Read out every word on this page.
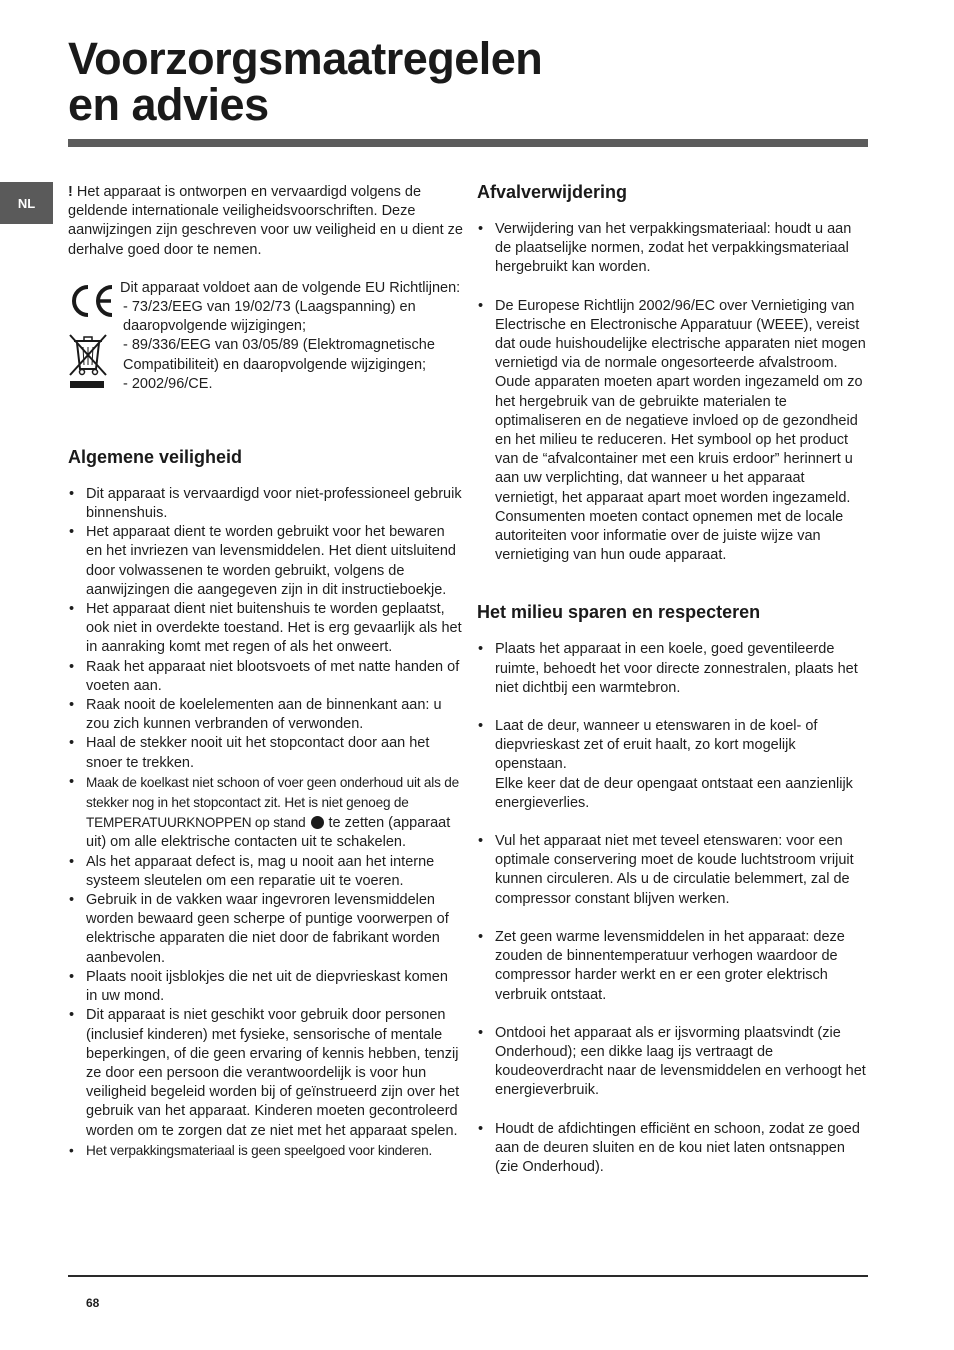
Voorzorgsmaatregelen
en advies
NL

! Het apparaat is ontworpen en vervaardigd volgens de geldende internationale veiligheidsvoorschriften. Deze aanwijzingen zijn geschreven voor uw veiligheid en u dient ze derhalve goed door te nemen.

Dit apparaat voldoet aan de volgende EU Richtlijnen:

- 73/23/EEG van 19/02/73 (Laagspanning) en daaropvolgende wijzigingen;

- 89/336/EEG van 03/05/89 (Elektromagnetische Compatibiliteit) en daaropvolgende wijzigingen;

- 2002/96/CE.

Algemene veiligheid
• Dit apparaat is vervaardigd voor niet-professioneel gebruik binnenshuis.
• Het apparaat dient te worden gebruikt voor het bewaren en het invriezen van levensmiddelen. Het dient uitsluitend door volwassenen te worden gebruikt, volgens de aanwijzingen die aangegeven zijn in dit instructieboekje.
• Het apparaat dient niet buitenshuis te worden geplaatst, ook niet in overdekte toestand. Het is erg gevaarlijk als het in aanraking komt met regen of als het onweert.
• Raak het apparaat niet blootsvoets of met natte handen of voeten aan.
• Raak nooit de koelelementen aan de binnenkant aan: u zou zich kunnen verbranden of verwonden.
• Haal de stekker nooit uit het stopcontact door aan het snoer te trekken.
• Maak de koelkast niet schoon of voer geen onderhoud uit als de stekker nog in het stopcontact zit. Het is niet genoeg de TEMPERATUURKNOPPEN op stand  te zetten (apparaat uit) om alle elektrische contacten uit te schakelen.
• Als het apparaat defect is, mag u nooit aan het interne systeem sleutelen om een reparatie uit te voeren.
• Gebruik in de vakken waar ingevroren levensmiddelen worden bewaard geen scherpe of puntige voorwerpen of elektrische apparaten die niet door de fabrikant worden aanbevolen.
• Plaats nooit ijsblokjes die net uit de diepvrieskast komen in uw mond.
• Dit apparaat is niet geschikt voor gebruik door personen (inclusief kinderen) met fysieke, sensorische of mentale beperkingen, of die geen ervaring of kennis hebben, tenzij ze door een persoon die verantwoordelijk is voor hun veiligheid begeleid worden bij of geïnstrueerd zijn over het gebruik van het apparaat. Kinderen moeten gecontroleerd worden om te zorgen dat ze niet met het apparaat spelen.
• Het verpakkingsmateriaal is geen speelgoed voor kinderen.
Afvalverwijdering
• Verwijdering van het verpakkingsmateriaal: houdt u aan de plaatselijke normen, zodat het verpakkingsmateriaal hergebruikt kan worden.

• De Europese Richtlijn 2002/96/EC over Vernietiging van Electrische en Electronische Apparatuur (WEEE), vereist dat oude huishoudelijke electrische apparaten niet mogen vernietigd via de normale ongesorteerde afvalstroom. Oude apparaten moeten apart worden ingezameld om zo het hergebruik van de gebruikte materialen te optimaliseren en de negatieve invloed op de gezondheid en het milieu te reduceren. Het symbool op het product van de “afvalcontainer met een kruis erdoor” herinnert u aan uw verplichting, dat wanneer u het apparaat vernietigt, het apparaat apart moet worden ingezameld.

Consumenten moeten contact opnemen met de locale autoriteiten voor informatie over de juiste wijze van vernietiging van hun oude apparaat.

Het milieu sparen en respecteren
• Plaats het apparaat in een koele, goed geventileerde ruimte, behoedt het voor directe zonnestralen, plaats het niet dichtbij een warmtebron.

• Laat de deur, wanneer u etenswaren in de koel- of diepvrieskast zet of eruit haalt, zo kort mogelijk openstaan.

Elke keer dat de deur opengaat ontstaat een aanzienlijk energieverlies.

• Vul het apparaat niet met teveel etenswaren: voor een optimale conservering moet de koude luchtstroom vrijuit kunnen circuleren. Als u de circulatie belemmert, zal de compressor constant blijven werken.
• Zet geen warme levensmiddelen in het apparaat: deze zouden de binnentemperatuur verhogen waardoor de compressor harder werkt en er een groter elektrisch verbruik ontstaat.
• Ontdooi het apparaat als er ijsvorming plaatsvindt (zie Onderhoud); een dikke laag ijs vertraagt de koudeoverdracht naar de levensmiddelen en verhoogt het energieverbruik.
• Houdt de afdichtingen efficiënt en schoon, zodat ze goed aan de deuren sluiten en de kou niet laten ontsnappen (zie Onderhoud).
68
